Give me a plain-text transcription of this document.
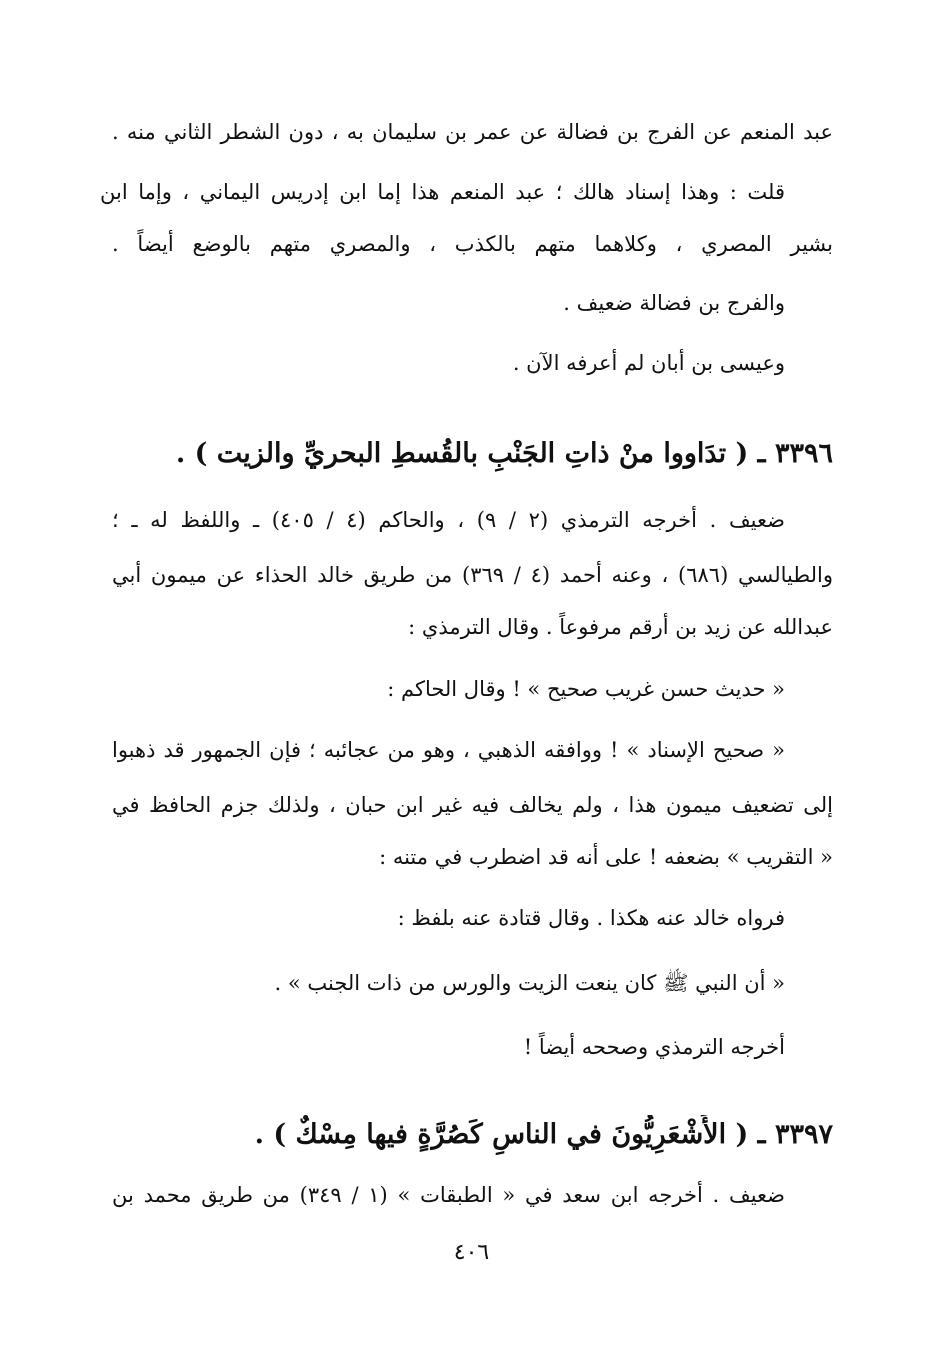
عبد المنعم عن الفرج بن فضالة عن عمر بن سليمان به ، دون الشطر الثاني منه .

قلت : وهذا إسناد هالك ؛ عبد المنعم هذا إما ابن إدريس اليماني ، وإما ابن

بشير المصري ، وكلاهما متهم بالكذب ، والمصري متهم بالوضع أيضاً .

والفرج بن فضالة ضعيف .

وعيسى بن أبان لم أعرفه الآن .

٣٣٩٦ ـ ( تدَاووا منْ ذاتِ الجَنْبِ بالقُسطِ البحريِّ والزيت ) .

ضعيف . أخرجه الترمذي (٢ / ٩) ، والحاكم (٤ / ٤٠٥) ـ واللفظ له ـ ؛

والطيالسي (٦٨٦) ، وعنه أحمد (٤ / ٣٦٩) من طريق خالد الحذاء عن ميمون أبي

عبدالله عن زيد بن أرقم مرفوعاً . وقال الترمذي :

« حديث حسن غريب صحيح » ! وقال الحاكم :

« صحيح الإسناد » ! ووافقه الذهبي ، وهو من عجائبه ؛ فإن الجمهور قد ذهبوا

إلى تضعيف ميمون هذا ، ولم يخالف فيه غير ابن حبان ، ولذلك جزم الحافظ في

« التقريب » بضعفه ! على أنه قد اضطرب في متنه :

فرواه خالد عنه هكذا . وقال قتادة عنه بلفظ :

« أن النبي ﷺ كان ينعت الزيت والورس من ذات الجنب » .

أخرجه الترمذي وصححه أيضاً !

٣٣٩٧ ـ ( الأَشْعَرِيُّونَ في الناسِ كَصُرَّةٍ فيها مِسْكٌ ) .

ضعيف . أخرجه ابن سعد في « الطبقات » (١ / ٣٤٩) من طريق محمد بن

٤٠٦
